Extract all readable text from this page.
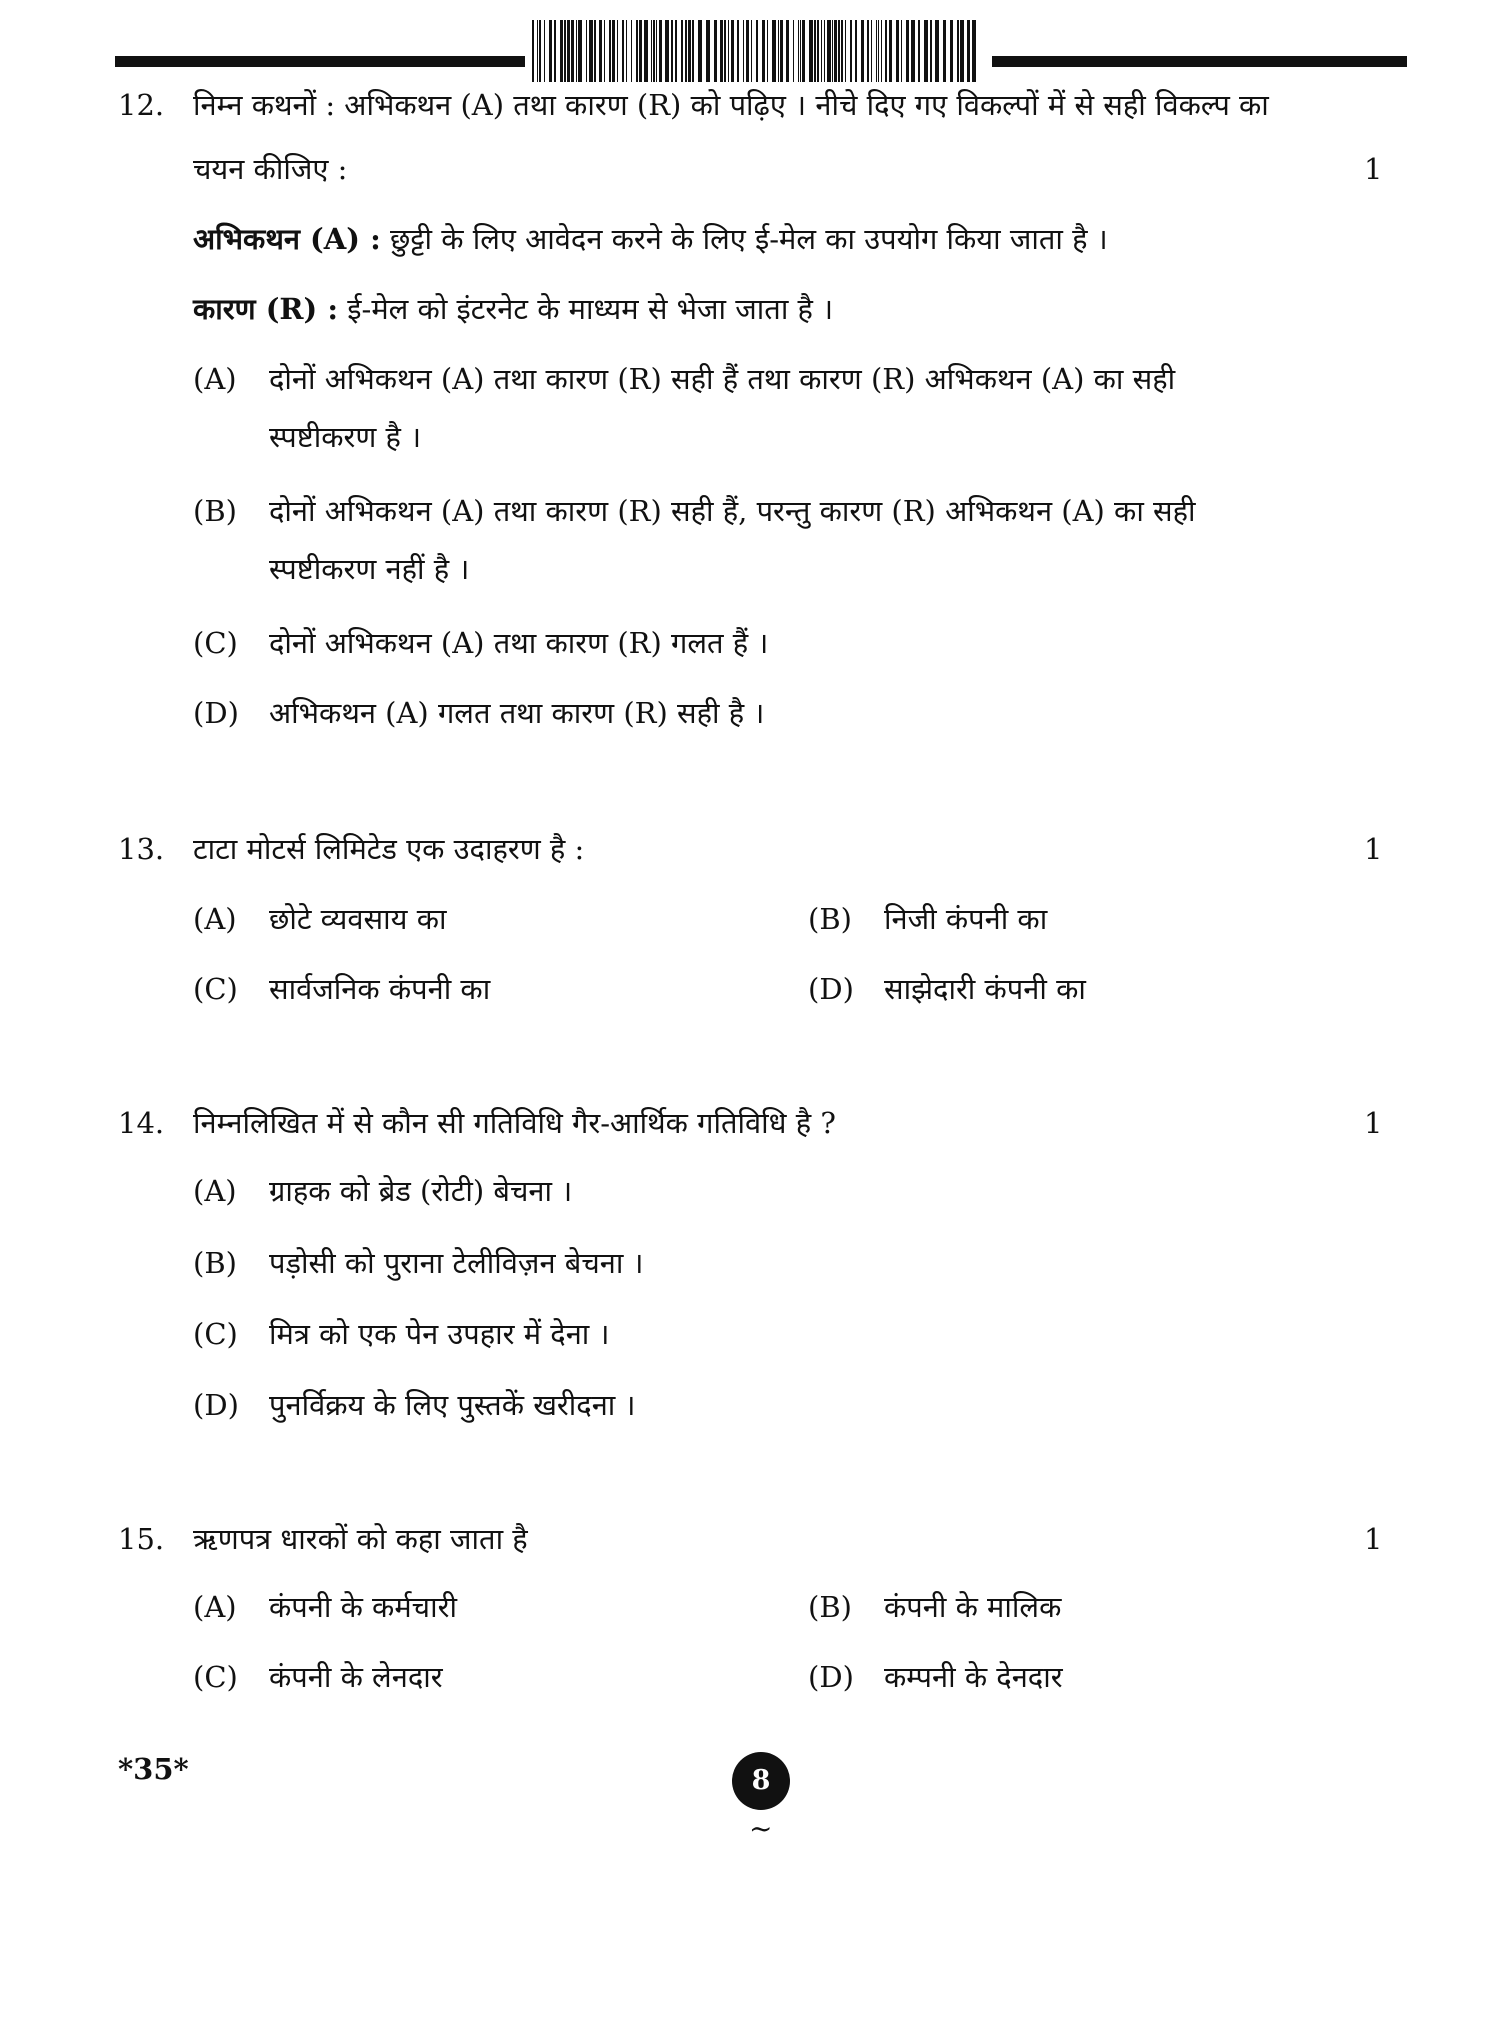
12. निम्न कथनों : अभिकथन (A) तथा कारण (R) को पढ़िए । नीचे दिए गए विकल्पों में से सही विकल्प का
चयन कीजिए :	1
अभिकथन (A) : छुट्टी के लिए आवेदन करने के लिए ई-मेल का उपयोग किया जाता है ।
कारण (R) : ई-मेल को इंटरनेट के माध्यम से भेजा जाता है ।
(A) दोनों अभिकथन (A) तथा कारण (R) सही हैं तथा कारण (R) अभिकथन (A) का सही
स्पष्टीकरण है ।
(B) दोनों अभिकथन (A) तथा कारण (R) सही हैं, परन्तु कारण (R) अभिकथन (A) का सही
स्पष्टीकरण नहीं है ।
(C) दोनों अभिकथन (A) तथा कारण (R) गलत हैं ।
(D) अभिकथन (A) गलत तथा कारण (R) सही है ।
13. टाटा मोटर्स लिमिटेड एक उदाहरण है :	1
(A) छोटे व्यवसाय का	(B) निजी कंपनी का
(C) सार्वजनिक कंपनी का	(D) साझेदारी कंपनी का
14. निम्नलिखित में से कौन सी गतिविधि गैर-आर्थिक गतिविधि है ?	1
(A) ग्राहक को ब्रेड (रोटी) बेचना ।
(B) पड़ोसी को पुराना टेलीविज़न बेचना ।
(C) मित्र को एक पेन उपहार में देना ।
(D) पुनर्विक्रय के लिए पुस्तकें खरीदना ।
15. ऋणपत्र धारकों को कहा जाता है	1
(A) कंपनी के कर्मचारी	(B) कंपनी के मालिक
(C) कंपनी के लेनदार	(D) कम्पनी के देनदार
*35*	8
~
